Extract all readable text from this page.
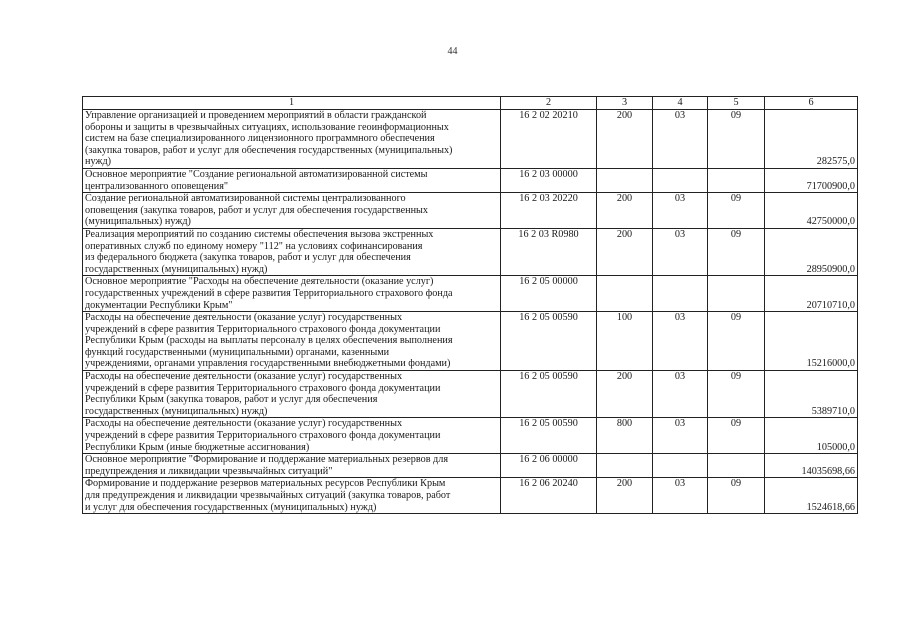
44
1	2	3	4	5	6

Управление организацией и проведением мероприятий в области гражданской
обороны и защиты в чрезвычайных ситуациях, использование геоинформационных
систем на базе специализированного лицензионного программного обеспечения
(закупка товаров, работ и услуг для обеспечения государственных (муниципальных)
нужд)	16 2 02 20210	200	03	09	282575,0

Основное мероприятие "Создание региональной автоматизированной системы
централизованного оповещения"	16 2 03 00000				71700900,0

Создание региональной автоматизированной системы централизованного
оповещения (закупка товаров, работ и услуг для обеспечения государственных
(муниципальных) нужд)	16 2 03 20220	200	03	09	42750000,0

Реализация мероприятий по созданию системы обеспечения вызова экстренных
оперативных служб по единому номеру "112" на условиях софинансирования
из федерального бюджета (закупка товаров, работ и услуг для обеспечения
государственных (муниципальных) нужд)	16 2 03 R0980	200	03	09	28950900,0

Основное мероприятие "Расходы на обеспечение деятельности (оказание услуг)
государственных учреждений в сфере развития Территориального страхового фонда
документации Республики Крым"	16 2 05 00000				20710710,0

Расходы на обеспечение деятельности (оказание услуг) государственных
учреждений в сфере развития Территориального страхового фонда документации
Республики Крым (расходы на выплаты персоналу в целях обеспечения выполнения
функций государственными (муниципальными) органами, казенными
учреждениями, органами управления государственными внебюджетными фондами)	16 2 05 00590	100	03	09	15216000,0

Расходы на обеспечение деятельности (оказание услуг) государственных
учреждений в сфере развития Территориального страхового фонда документации
Республики Крым (закупка товаров, работ и услуг для обеспечения
государственных (муниципальных) нужд)	16 2 05 00590	200	03	09	5389710,0

Расходы на обеспечение деятельности (оказание услуг) государственных
учреждений в сфере развития Территориального страхового фонда документации
Республики Крым (иные бюджетные ассигнования)	16 2 05 00590	800	03	09	105000,0

Основное мероприятие "Формирование и поддержание материальных резервов для
предупреждения и ликвидации чрезвычайных ситуаций"	16 2 06 00000				14035698,66

Формирование и поддержание резервов материальных ресурсов Республики Крым
для предупреждения и ликвидации чрезвычайных ситуаций (закупка товаров, работ
и услуг для обеспечения государственных (муниципальных) нужд)	16 2 06 20240	200	03	09	1524618,66
